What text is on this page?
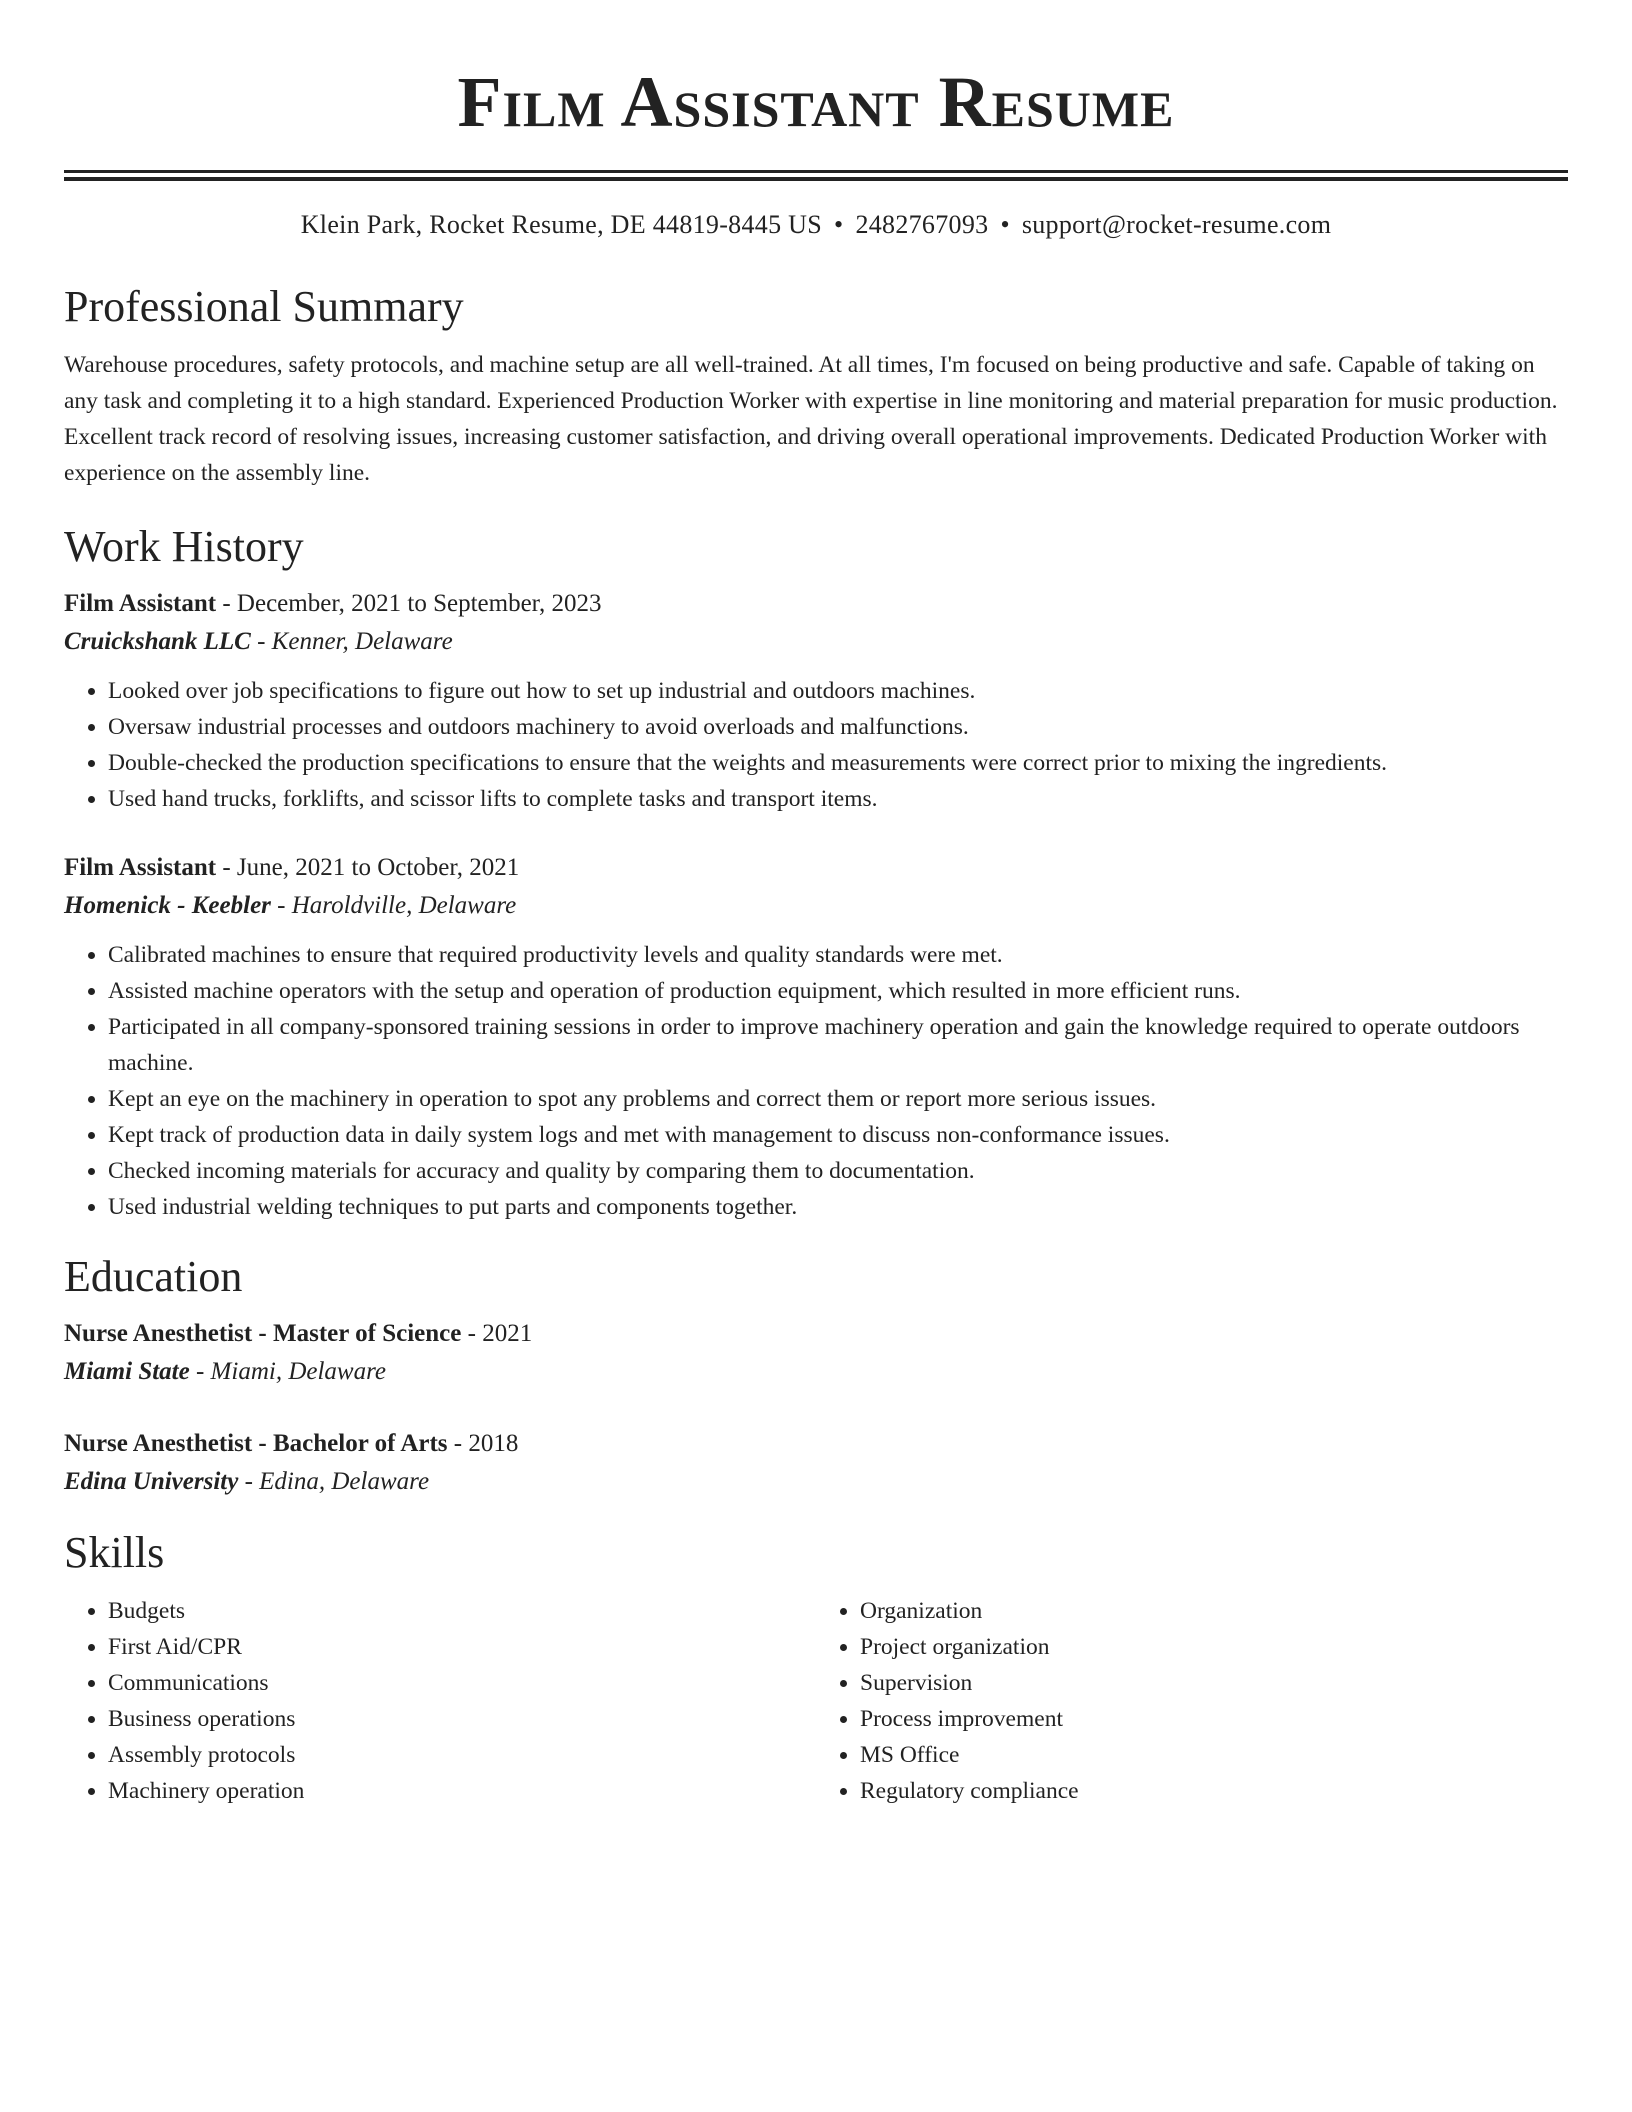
Film Assistant Resume
Klein Park, Rocket Resume, DE 44819-8445 US • 2482767093 • support@rocket-resume.com
Professional Summary

Warehouse procedures, safety protocols, and machine setup are all well-trained. At all times, I'm focused on being productive and safe. Capable of taking on any task and completing it to a high standard. Experienced Production Worker with expertise in line monitoring and material preparation for music production. Excellent track record of resolving issues, increasing customer satisfaction, and driving overall operational improvements. Dedicated Production Worker with experience on the assembly line.

Work History
Film Assistant - December, 2021 to September, 2023
Cruickshank LLC - Kenner, Delaware
• Looked over job specifications to figure out how to set up industrial and outdoors machines.
• Oversaw industrial processes and outdoors machinery to avoid overloads and malfunctions.
• Double-checked the production specifications to ensure that the weights and measurements were correct prior to mixing the ingredients.
• Used hand trucks, forklifts, and scissor lifts to complete tasks and transport items.
Film Assistant - June, 2021 to October, 2021
Homenick - Keebler - Haroldville, Delaware
• Calibrated machines to ensure that required productivity levels and quality standards were met.
• Assisted machine operators with the setup and operation of production equipment, which resulted in more efficient runs.
• Participated in all company-sponsored training sessions in order to improve machinery operation and gain the knowledge required to operate outdoors machine.
• Kept an eye on the machinery in operation to spot any problems and correct them or report more serious issues.
• Kept track of production data in daily system logs and met with management to discuss non-conformance issues.
• Checked incoming materials for accuracy and quality by comparing them to documentation.
• Used industrial welding techniques to put parts and components together.
Education
Nurse Anesthetist - Master of Science - 2021
Miami State - Miami, Delaware
Nurse Anesthetist - Bachelor of Arts - 2018
Edina University - Edina, Delaware
Skills
• Budgets
• First Aid/CPR
• Communications
• Business operations
• Assembly protocols
• Machinery operation
• Organization
• Project organization
• Supervision
• Process improvement
• MS Office
• Regulatory compliance
